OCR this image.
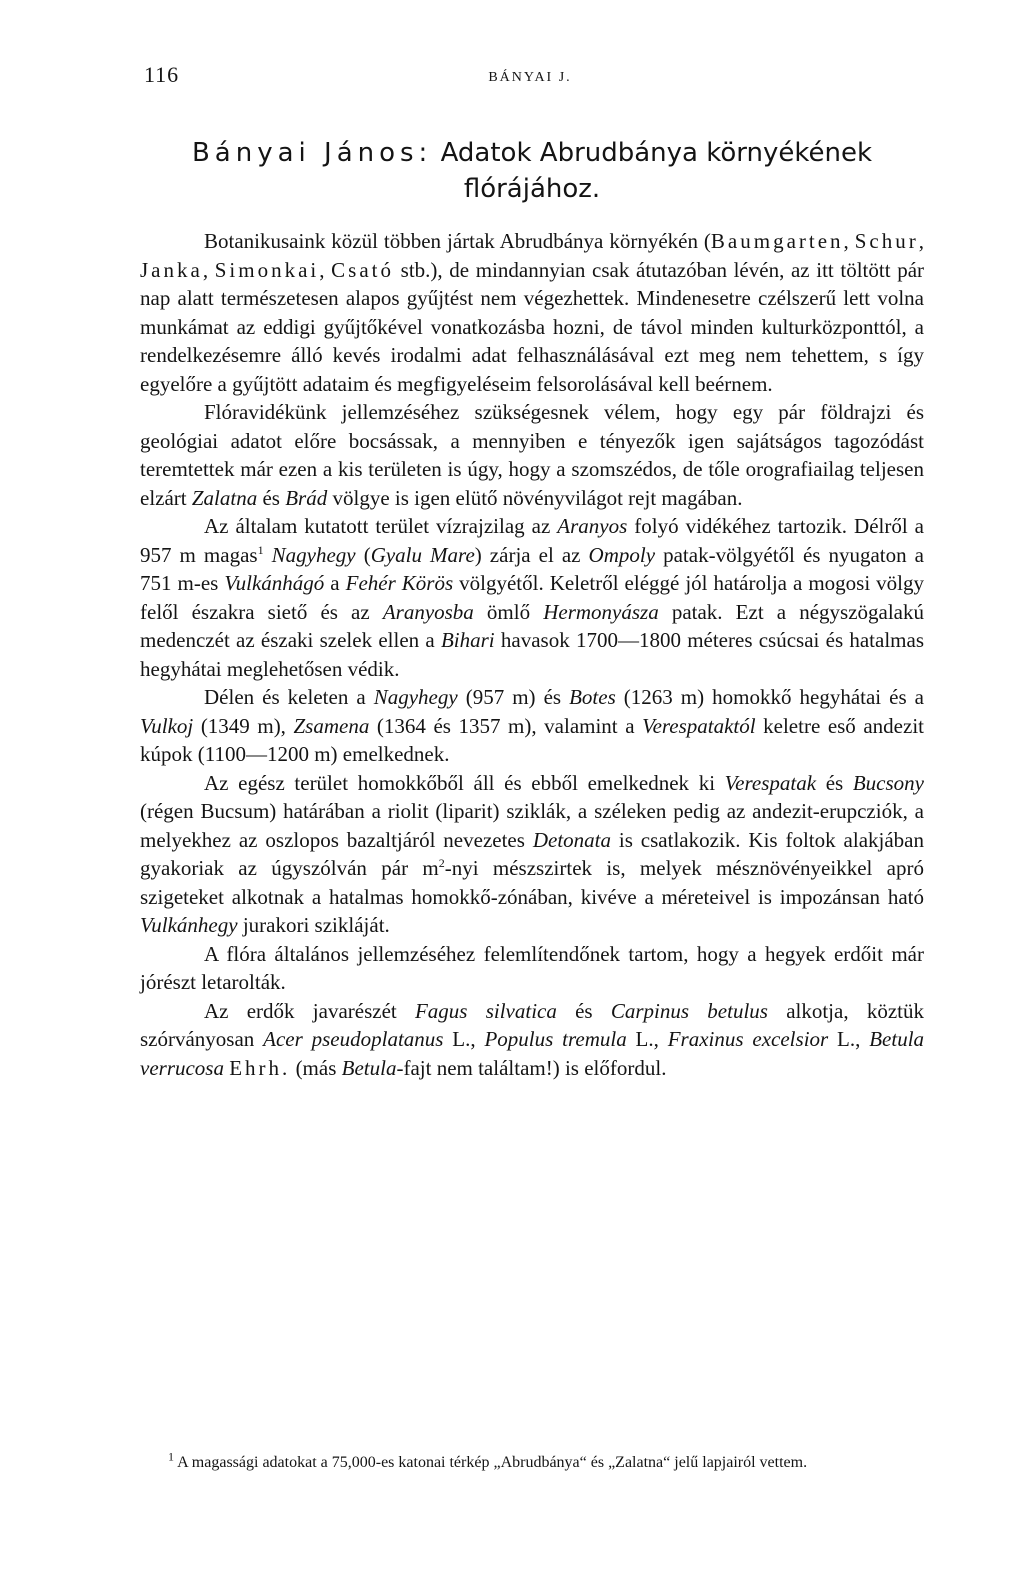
116	BÁNYAI J.
Bányai János: Adatok Abrudbánya környékének flórájához.

Botanikusaink közül többen jártak Abrudbánya környékén (Baumgarten, Schur, Janka, Simonkai, Csató stb.), de mindannyian csak átutazóban lévén, az itt töltött pár nap alatt természetesen alapos gyűjtést nem végezhettek. Mindenesetre czélszerű lett volna munkámat az eddigi gyűjtőkével vonatkozásba hozni, de távol minden kulturközponttól, a rendelkezésemre álló kevés irodalmi adat felhasználásával ezt meg nem tehettem, s így egyelőre a gyűjtött adataim és megfigyeléseim felsorolásával kell beérnem.

Flóravidékünk jellemzéséhez szükségesnek vélem, hogy egy pár földrajzi és geológiai adatot előre bocsássak, a mennyiben e tényezők igen sajátságos tagozódást teremtettek már ezen a kis területen is úgy, hogy a szomszédos, de tőle orografiailag teljesen elzárt Zalatna és Brád völgye is igen elütő növényvilágot rejt magában.

Az általam kutatott terület vízrajzilag az Aranyos folyó vidékéhez tartozik. Délről a 957 m magas$^1$ Nagyhegy (Gyalu Mare) zárja el az Ompoly patak-völgyétől és nyugaton a 751 m-es Vulkánhágó a Fehér Körös völgyétől. Keletről eléggé jól határolja a mogosi völgy felől északra siető és az Aranyosba ömlő Hermonyásza patak. Ezt a négyszögalakú medenczét az északi szelek ellen a Bihari havasok 1700—1800 méteres csúcsai és hatalmas hegyhátai meglehetősen védik.

Délen és keleten a Nagyhegy (957 m) és Botes (1263 m) homokkő hegyhátai és a Vulkoj (1349 m), Zsamena (1364 és 1357 m), valamint a Verespataktól keletre eső andezit kúpok (1100—1200 m) emelkednek.

Az egész terület homokkőből áll és ebből emelkednek ki Verespatak és Bucsony (régen Bucsum) határában a riolit (liparit) sziklák, a széleken pedig az andezit-erupcziók, a melyekhez az oszlopos bazaltjáról nevezetes Detonata is csatlakozik. Kis foltok alakjában gyakoriak az úgyszólván pár $m^2$-nyi mészszirtek is, melyek mésznövényeikkel apró szigeteket alkotnak a hatalmas homokkő-zónában, kivéve a méreteivel is impozánsan ható Vulkánhegy jurakori szikláját.

A flóra általános jellemzéséhez felemlítendőnek tartom, hogy a hegyek erdőit már jórészt letarolták.

Az erdők javarészét Fagus silvatica és Carpinus betulus alkotja, köztük szórványosan Acer pseudoplatanus L., Populus tremula L., Fraxinus excelsior L., Betula verrucosa Ehrh. (más Betula-fajt nem találtam!) is előfordul.

$^1$ A magassági adatokat a 75,000-es katonai térkép „Abrudbánya“ és „Zalatna“ jelű lapjairól vettem.
